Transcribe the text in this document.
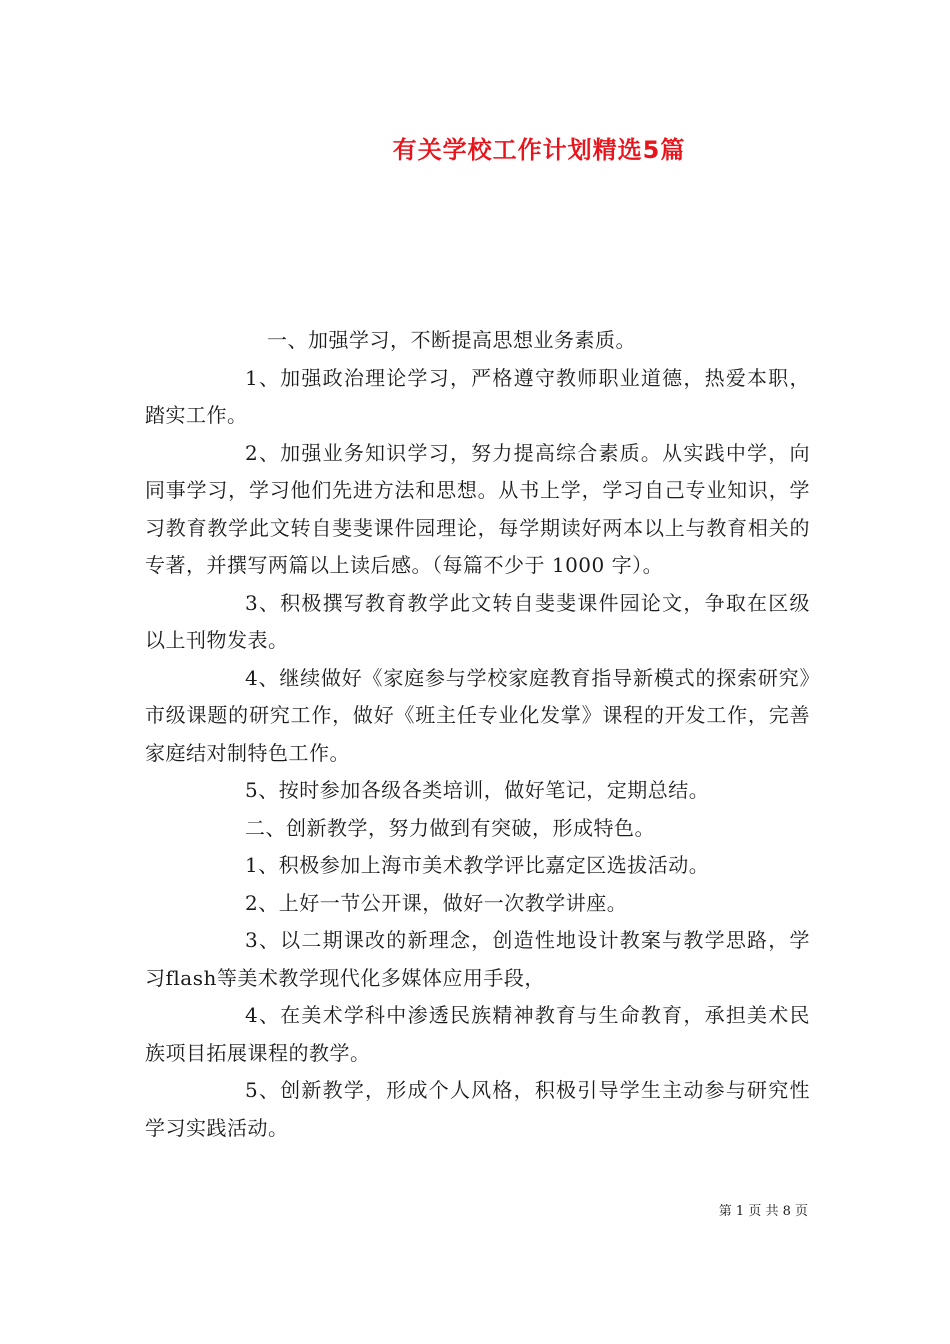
有关学校工作计划精选5篇

一、加强学习，不断提高思想业务素质。

1、加强政治理论学习，严格遵守教师职业道德，热爱本职，踏实工作。

2、加强业务知识学习，努力提高综合素质。从实践中学，向同事学习，学习他们先进方法和思想。从书上学，学习自己专业知识，学习教育教学此文转自斐斐课件园理论，每学期读好两本以上与教育相关的专著，并撰写两篇以上读后感。（每篇不少于 1000 字）。

3、积极撰写教育教学此文转自斐斐课件园论文，争取在区级以上刊物发表。

4、继续做好《家庭参与学校家庭教育指导新模式的探索研究》市级课题的研究工作，做好《班主任专业化发掌》课程的开发工作，完善家庭结对制特色工作。

5、按时参加各级各类培训，做好笔记，定期总结。

二、创新教学，努力做到有突破，形成特色。

1、积极参加上海市美术教学评比嘉定区选拔活动。

2、上好一节公开课，做好一次教学讲座。

3、以二期课改的新理念，创造性地设计教案与教学思路，学习flash等美术教学现代化多媒体应用手段，

4、在美术学科中渗透民族精神教育与生命教育，承担美术民族项目拓展课程的教学。

5、创新教学，形成个人风格，积极引导学生主动参与研究性学习实践活动。

第 1 页 共 8 页
